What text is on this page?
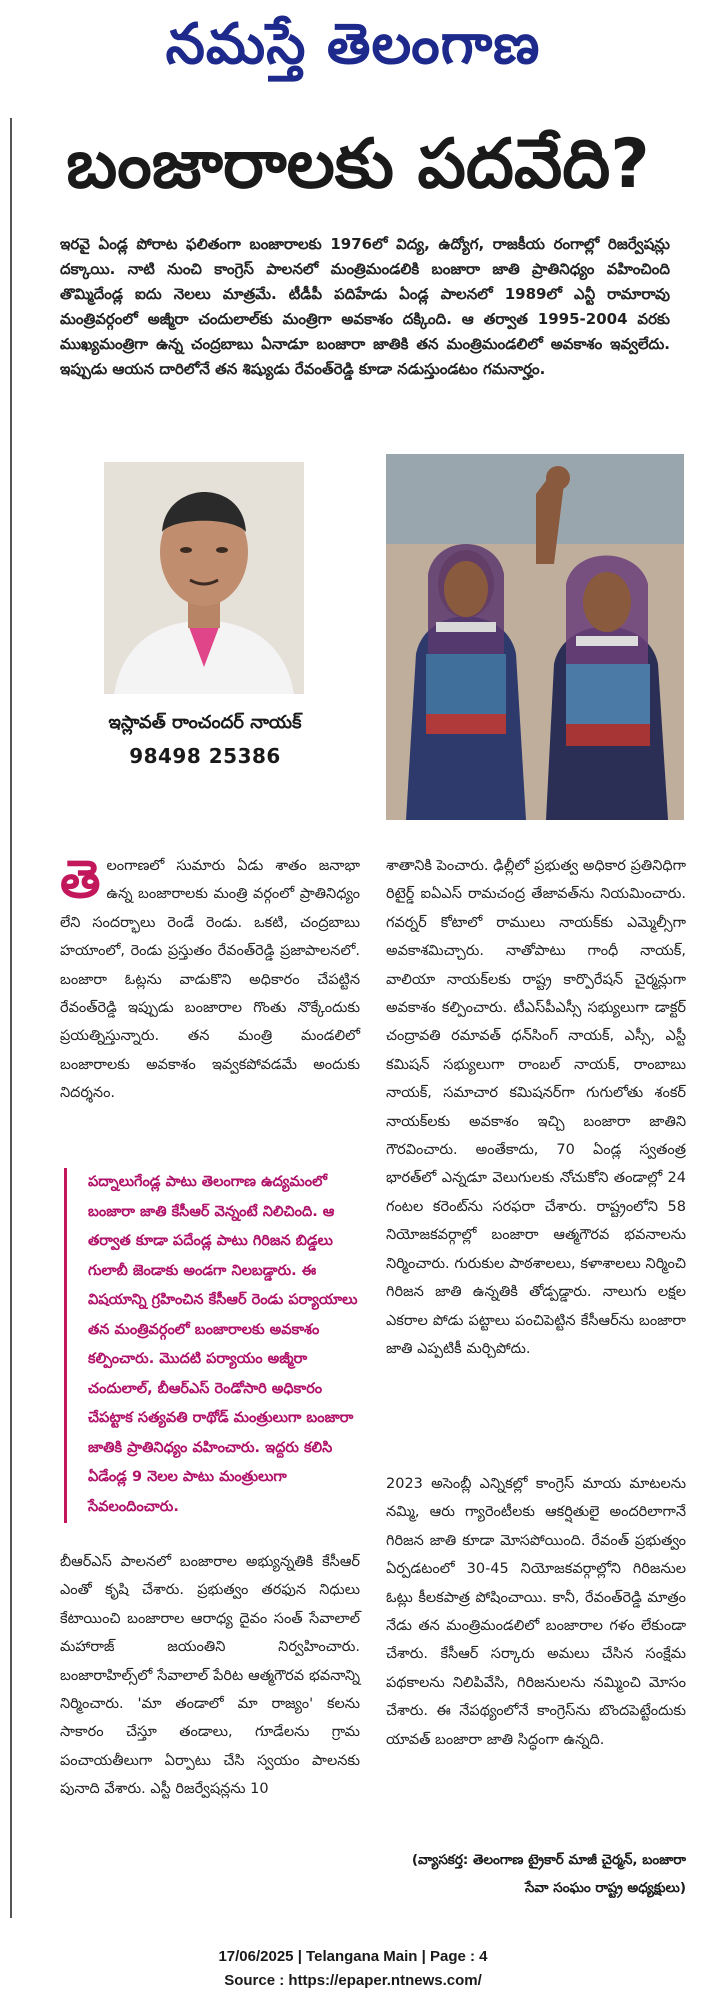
నమస్తే తెలంగాణ
బంజారాలకు పదవేది?
ఇరవై ఏండ్ల పోరాట ఫలితంగా బంజారాలకు 1976లో విద్య, ఉద్యోగ, రాజకీయ రంగాల్లో రిజర్వేషన్లు దక్కాయి. నాటి నుంచి కాంగ్రెస్ పాలనలో మంత్రిమండలికి బంజారా జాతి ప్రాతినిధ్యం వహించింది తొమ్మిదేండ్ల ఐదు నెలలు మాత్రమే. టీడీపీ పదిహేడు ఏండ్ల పాలనలో 1989లో ఎన్టీ రామారావు మంత్రివర్గంలో అజ్మీరా చందులాల్‌కు మంత్రిగా అవకాశం దక్కింది. ఆ తర్వాత 1995-2004 వరకు ముఖ్యమంత్రిగా ఉన్న చంద్రబాబు ఏనాడూ బంజారా జాతికి తన మంత్రిమండలిలో అవకాశం ఇవ్వలేదు. ఇప్పుడు ఆయన దారిలోనే తన శిష్యుడు రేవంత్‌రెడ్డి కూడా నడుస్తుండటం గమనార్హం.
ఇస్లావత్ రాంచందర్ నాయక్
98498 25386
తెలంగాణలో సుమారు ఏడు శాతం జనాభా ఉన్న బంజారాలకు మంత్రి వర్గంలో ప్రాతినిధ్యం లేని సందర్భాలు రెండే రెండు. ఒకటి, చంద్రబాబు హయాంలో, రెండు ప్రస్తుతం రేవంత్‌రెడ్డి ప్రజాపాలనలో. బంజారా ఓట్లను వాడుకొని అధికారం చేపట్టిన రేవంత్‌రెడ్డి ఇప్పుడు బంజారాల గొంతు నొక్కేందుకు ప్రయత్నిస్తున్నారు. తన మంత్రి మండలిలో బంజారాలకు అవకాశం ఇవ్వకపోవడమే అందుకు నిదర్శనం.
పద్నాలుగేండ్ల పాటు తెలంగాణ ఉద్యమంలో బంజారా జాతి కేసీఆర్ వెన్నంటే నిలిచింది. ఆ తర్వాత కూడా పదేండ్ల పాటు గిరిజన బిడ్డలు గులాబీ జెండాకు అండగా నిలబడ్డారు. ఈ విషయాన్ని గ్రహించిన కేసీఆర్ రెండు పర్యాయాలు తన మంత్రివర్గంలో బంజారాలకు అవకాశం కల్పించారు. మొదటి పర్యాయం అజ్మీరా చందులాల్, బీఆర్ఎస్ రెండోసారి అధికారం చేపట్టాక సత్యవతి రాథోడ్ మంత్రులుగా బంజారా జాతికి ప్రాతినిధ్యం వహించారు. ఇద్దరు కలిసి ఏడేండ్ల 9 నెలల పాటు మంత్రులుగా సేవలందించారు.
బీఆర్ఎస్ పాలనలో బంజారాల అభ్యున్నతికి కేసీఆర్ ఎంతో కృషి చేశారు. ప్రభుత్వం తరఫున నిధులు కేటాయించి బంజారాల ఆరాధ్య దైవం సంత్ సేవాలాల్ మహారాజ్ జయంతిని నిర్వహించారు. బంజారాహిల్స్‌లో సేవాలాల్ పేరిట ఆత్మగౌరవ భవనాన్ని నిర్మించారు. 'మా తండాలో మా రాజ్యం' కలను సాకారం చేస్తూ తండాలు, గూడేలను గ్రామ పంచాయతీలుగా ఏర్పాటు చేసి స్వయం పాలనకు పునాది వేశారు. ఎస్టీ రిజర్వేషన్లను 10
శాతానికి పెంచారు. ఢిల్లీలో ప్రభుత్వ అధికార ప్రతినిధిగా రిటైర్డ్ ఐఏఎస్ రామచంద్ర తేజావత్‌ను నియమించారు. గవర్నర్ కోటాలో రాములు నాయక్‌కు ఎమ్మెల్సీగా అవకాశమిచ్చారు. నాతోపాటు గాంధీ నాయక్, వాలియా నాయక్‌లకు రాష్ట్ర కార్పొరేషన్ చైర్మన్లుగా అవకాశం కల్పించారు. టీఎస్‌పీఎస్సీ సభ్యులుగా డాక్టర్ చంద్రావతి రమావత్ ధన్‌సింగ్ నాయక్, ఎస్సీ, ఎస్టీ కమిషన్ సభ్యులుగా రాంబల్ నాయక్, రాంబాబు నాయక్, సమాచార కమిషనర్‌గా గుగులోతు శంకర్ నాయక్‌లకు అవకాశం ఇచ్చి బంజారా జాతిని గౌరవించారు. అంతేకాదు, 70 ఏండ్ల స్వతంత్ర భారత్‌లో ఎన్నడూ వెలుగులకు నోచుకోని తండాల్లో 24 గంటల కరెంట్‌ను సరఫరా చేశారు. రాష్ట్రంలోని 58 నియోజకవర్గాల్లో బంజారా ఆత్మగౌరవ భవనాలను నిర్మించారు. గురుకుల పాఠశాలలు, కళాశాలలు నిర్మించి గిరిజన జాతి ఉన్నతికి తోడ్పడ్డారు. నాలుగు లక్షల ఎకరాల పోడు పట్టాలు పంచిపెట్టిన కేసీఆర్‌ను బంజారా జాతి ఎప్పటికీ మర్చిపోదు.
2023 అసెంబ్లీ ఎన్నికల్లో కాంగ్రెస్ మాయ మాటలను నమ్మి, ఆరు గ్యారెంటీలకు ఆకర్షితులై అందరిలాగానే గిరిజన జాతి కూడా మోసపోయింది. రేవంత్ ప్రభుత్వం ఏర్పడటంలో 30-45 నియోజకవర్గాల్లోని గిరిజనుల ఓట్లు కీలకపాత్ర పోషించాయి. కానీ, రేవంత్‌రెడ్డి మాత్రం నేడు తన మంత్రిమండలిలో బంజారాల గళం లేకుండా చేశారు. కేసీఆర్ సర్కారు అమలు చేసిన సంక్షేమ పథకాలను నిలిపివేసి, గిరిజనులను నమ్మించి మోసం చేశారు. ఈ నేపథ్యంలోనే కాంగ్రెస్‌ను బొందపెట్టేందుకు యావత్ బంజారా జాతి సిద్ధంగా ఉన్నది.
(వ్యాసకర్త: తెలంగాణ ట్రైకార్ మాజీ చైర్మన్, బంజారా సేవా సంఘం రాష్ట్ర అధ్యక్షులు)
17/06/2025 | Telangana Main | Page : 4
Source : https://epaper.ntnews.com/
